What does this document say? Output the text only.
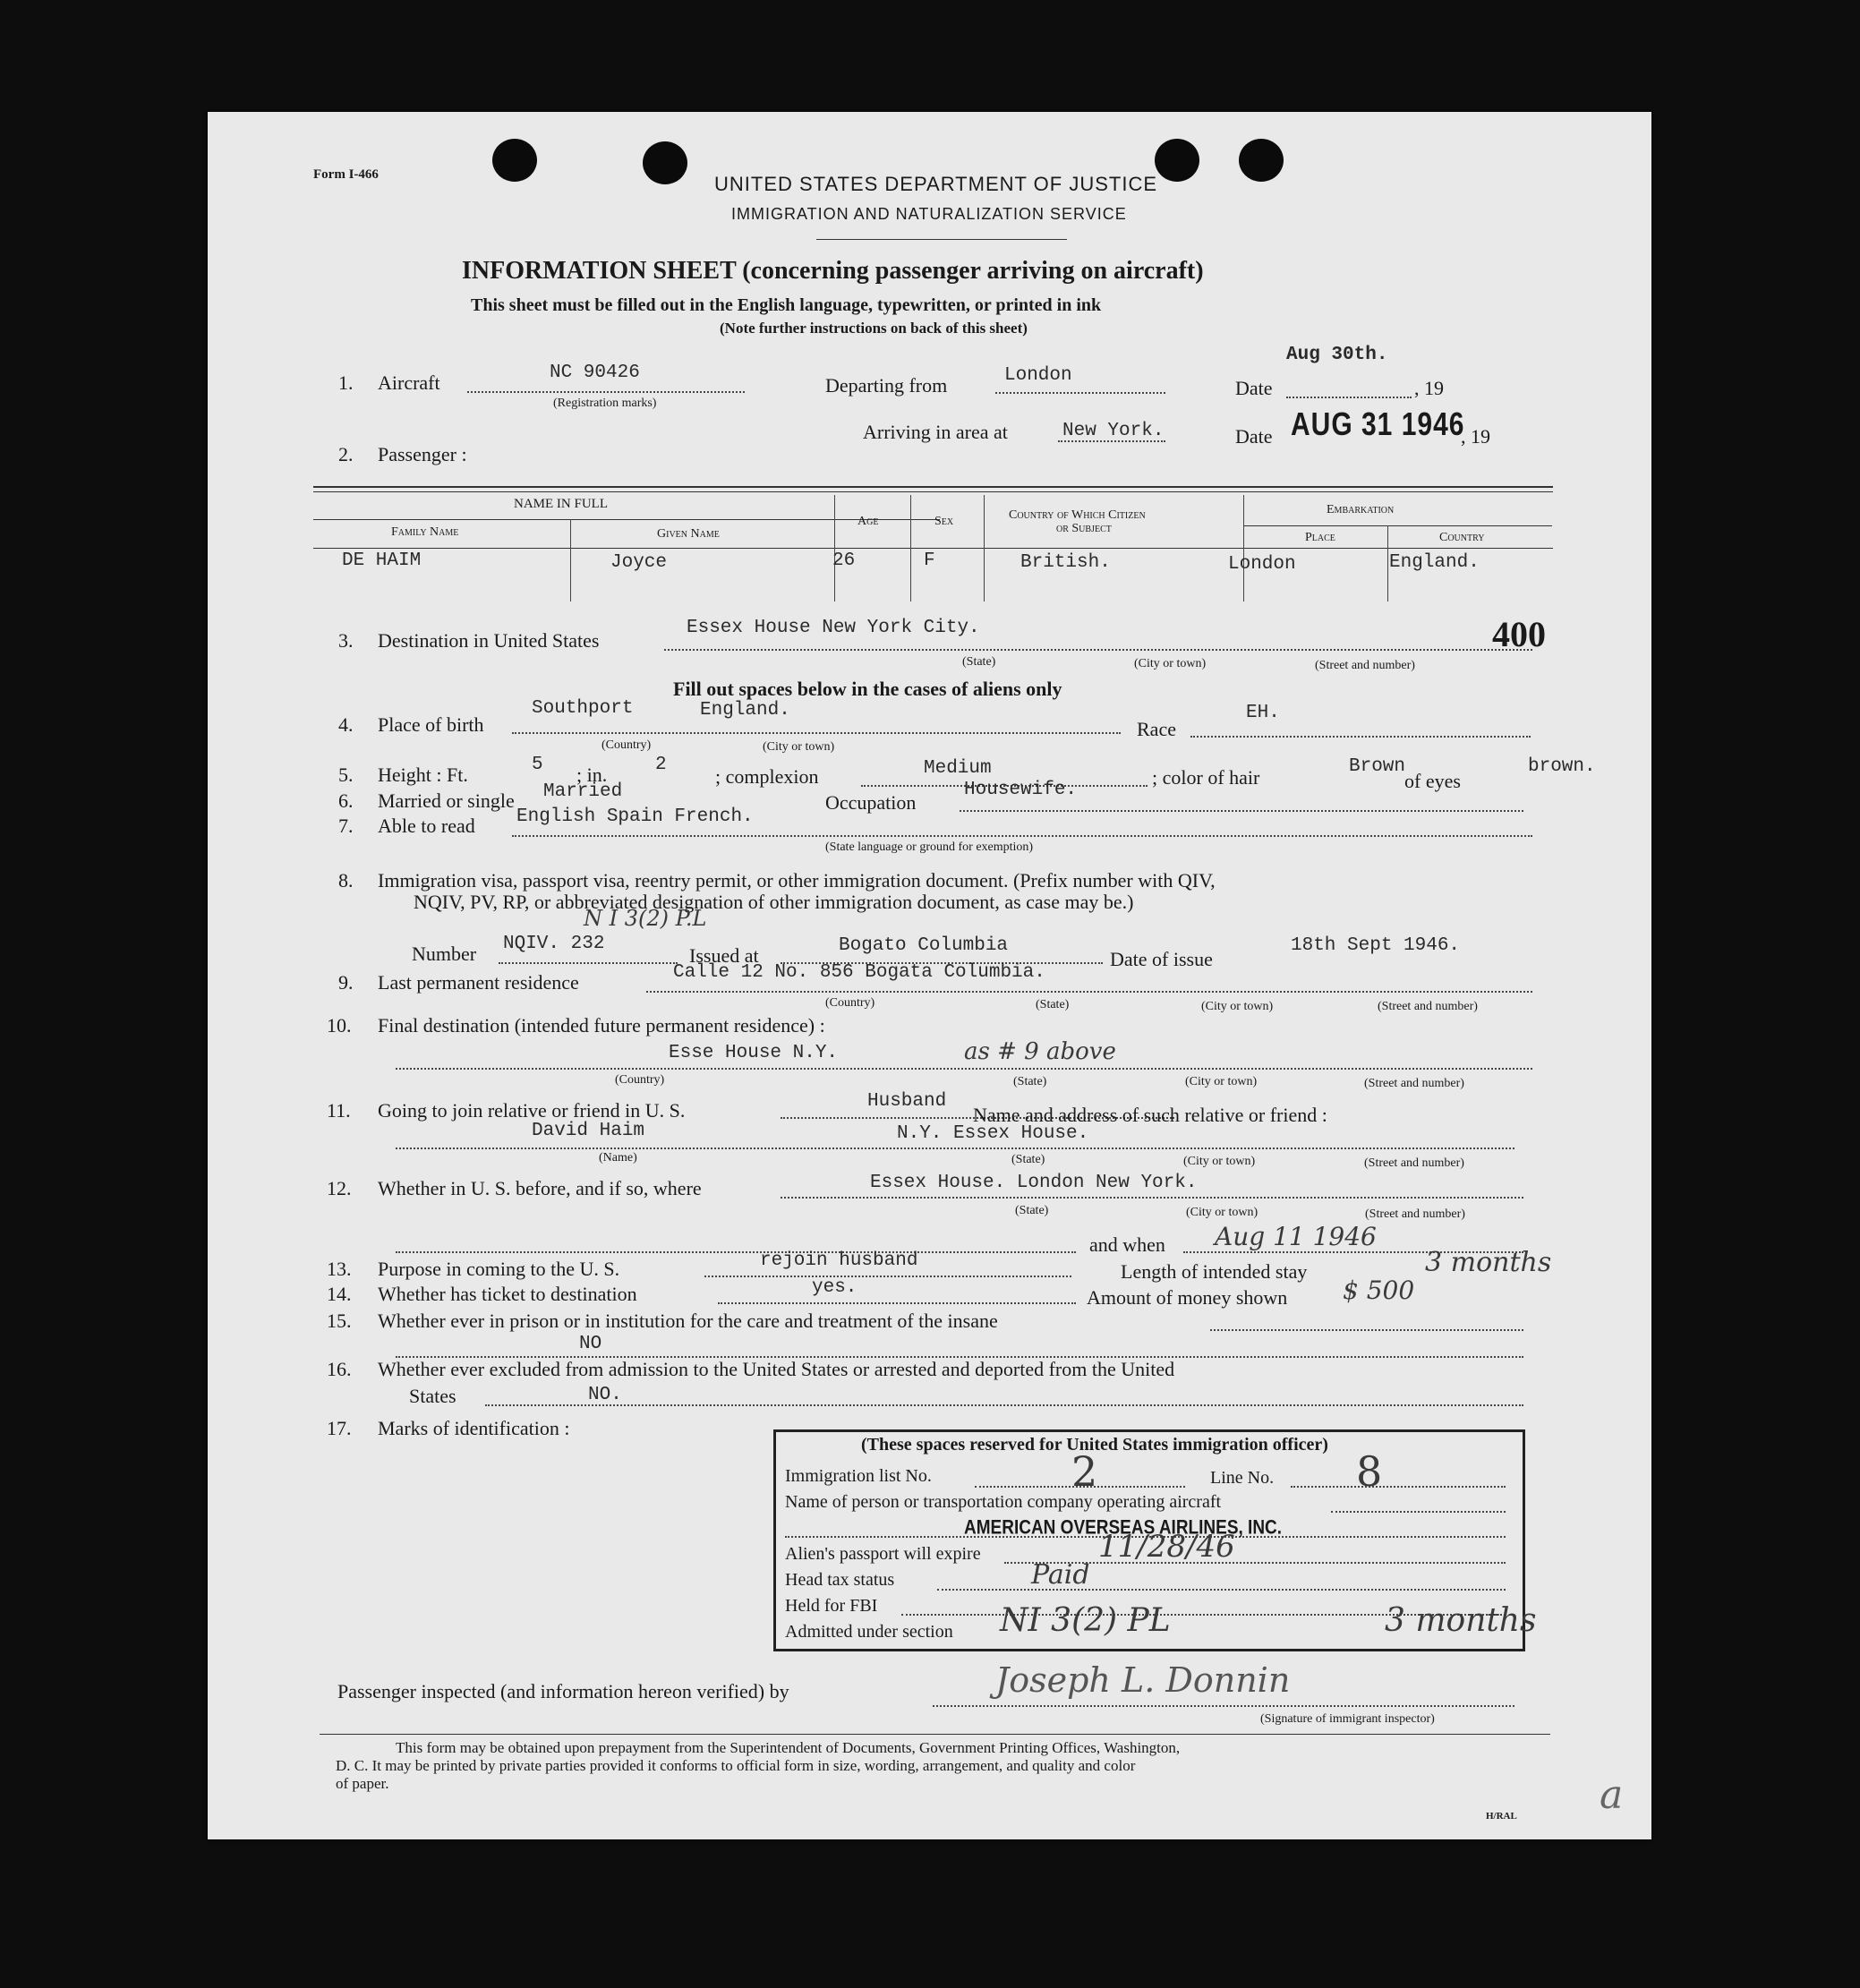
Form I-466	UNITED STATES DEPARTMENT OF JUSTICE
IMMIGRATION AND NATURALIZATION SERVICE
INFORMATION SHEET (concerning passenger arriving on aircraft)
This sheet must be filled out in the English language, typewritten, or printed in ink
(Note further instructions on back of this sheet)
1. Aircraft	NC 90426
(Registration marks)
Departing from	London
Date
Aug 30th.
, 19
Arriving in area at	New York.	Date AUG 31 1946
, 19
2. Passenger :
NAME IN FULL
Family Name	Given Name
Age	Sex	Country of Which Citizen
or Subject
Embarkation
Place	Country
DE HAIM	Joyce	26	F	British.	London	England.
3. Destination in United States
Essex House New York City.	400
(State)	(City or town)	(Street and number)
Fill out spaces below in the cases of aliens only
4. Place of birth
Southport	England.
(Country)	(City or town)
Race
EH.
5. Height : Ft.	5 ; in.	2
; complexion	Medium	; color of hair	Brown
of eyes
brown.
6. Married or single Married	Occupation
Housewife.
7. Able to read English Spain French.
(State language or ground for exemption)
8. Immigration visa, passport visa, reentry permit, or other immigration document. (Prefix number with QIV,
NQIV, PV, RP, or abbreviated designation of other immigration document, as case may be.)
N I 3(2) P.L
Number NQIV. 232
Issued at	Bogato Columbia
Date of issue
18th Sept 1946.
9. Last permanent residence	Calle 12 No. 856 Bogata Columbia.
(Country)	(State)	(City or town)	(Street and number)
10. Final destination (intended future permanent residence) :
Esse House N.Y.	as # 9 above
(Country)	(State)	(City or town)	(Street and number)
11. Going to join relative or friend in U. S.	Husband
Name and address of such relative or friend :
David Haim	N.Y. Essex House.
(Name)	(State)	(City or town)	(Street and number)
12. Whether in U. S. before, and if so, where	Essex House. London New York.
(State)	(City or town)	(Street and number)
and when Aug 11 1946
13. Purpose in coming to the U. S.	rejoin husband	Length of intended stay	3 months
14. Whether has ticket to destination	yes.	Amount of money shown $ 500
15. Whether ever in prison or in institution for the care and treatment of the insane
NO
16. Whether ever excluded from admission to the United States or arrested and deported from the United
States	NO.
17. Marks of identification :
(These spaces reserved for United States immigration officer)
Immigration list No.	2	Line No. 8
Name of person or transportation company operating aircraft
AMERICAN OVERSEAS AIRLINES, INC.
Alien's passport will expire	11/28/46
Head tax status	Paid
Held for FBI
Admitted under section NI 3(2) PL	3 months
Passenger inspected (and information hereon verified) by	Joseph L. Donnin
(Signature of immigrant inspector)
This form may be obtained upon prepayment from the Superintendent of Documents, Government Printing Offices, Washington,
D. C. It may be printed by private parties provided it conforms to official form in size, wording, arrangement, and quality and color
of paper.
H/RAL a
